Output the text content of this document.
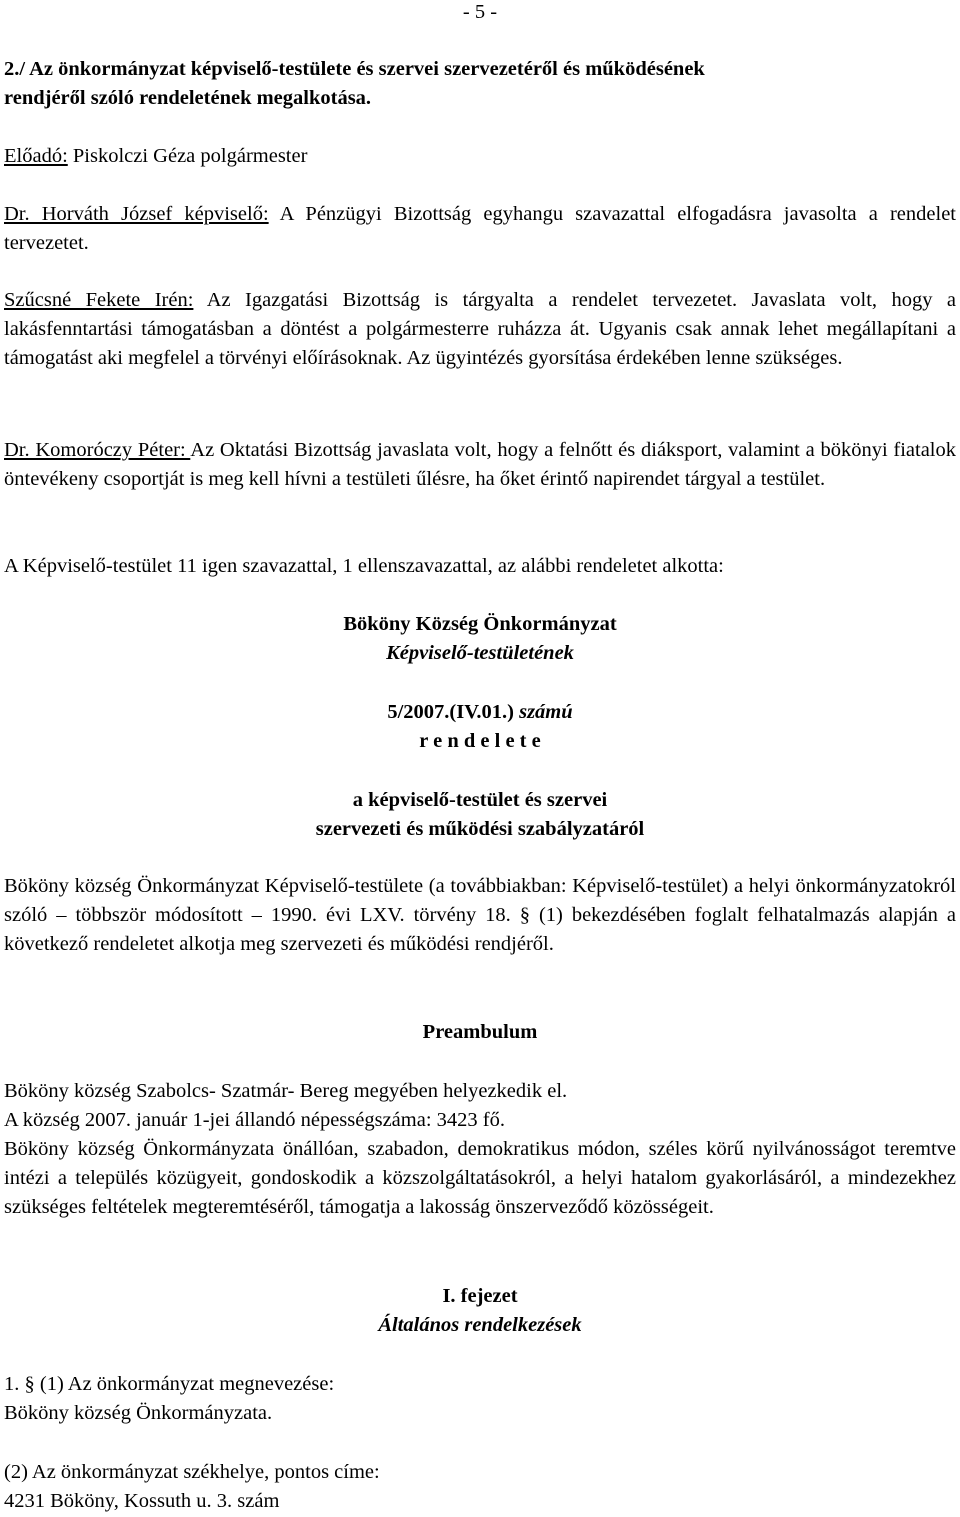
- 5 -

2./ Az önkormányzat képviselő-testülete és szervei szervezetéről és működésének

rendjéről szóló rendeletének megalkotása.

Előadó: Piskolczi Géza polgármester

Dr. Horváth József képviselő: A Pénzügyi Bizottság egyhangu szavazattal elfogadásra javasolta a rendelet tervezetet.

Szűcsné Fekete Irén: Az Igazgatási Bizottság is tárgyalta a rendelet tervezetet. Javaslata volt, hogy a lakásfenntartási támogatásban a döntést a polgármesterre ruházza át. Ugyanis csak annak lehet megállapítani a támogatást aki megfelel a törvényi előírásoknak. Az ügyintézés gyorsítása érdekében lenne szükséges.

Dr. Komoróczy Péter: Az Oktatási Bizottság javaslata volt, hogy a felnőtt és diáksport, valamint a bökönyi fiatalok öntevékeny csoportját is meg kell hívni a testületi űlésre, ha őket érintő napirendet tárgyal a testület.

A Képviselő-testület 11 igen szavazattal, 1 ellenszavazattal, az alábbi rendeletet alkotta:

Bököny Község Önkormányzat

Képviselő-testületének

5/2007.(IV.01.) számú

r e n d e l e t e

a képviselő-testület és szervei

szervezeti és működési szabályzatáról

Bököny község Önkormányzat Képviselő-testülete (a továbbiakban: Képviselő-testület) a helyi önkormányzatokról szóló – többször módosított – 1990. évi LXV. törvény 18. § (1) bekezdésében foglalt felhatalmazás alapján a következő rendeletet alkotja meg szervezeti és működési rendjéről.

Preambulum

Bököny község Szabolcs- Szatmár- Bereg megyében helyezkedik el.

A község 2007. január 1-jei állandó népességszáma: 3423 fő.

Bököny község Önkormányzata önállóan, szabadon, demokratikus módon, széles körű nyilvánosságot teremtve intézi a település közügyeit, gondoskodik a közszolgáltatásokról, a helyi hatalom gyakorlásáról, a mindezekhez szükséges feltételek megteremtéséről, támogatja a lakosság önszerveződő közösségeit.

I. fejezet

Általános rendelkezések

1. § (1) Az önkormányzat megnevezése:

Bököny község Önkormányzata.

(2) Az önkormányzat székhelye, pontos címe:

4231 Bököny, Kossuth u. 3. szám
